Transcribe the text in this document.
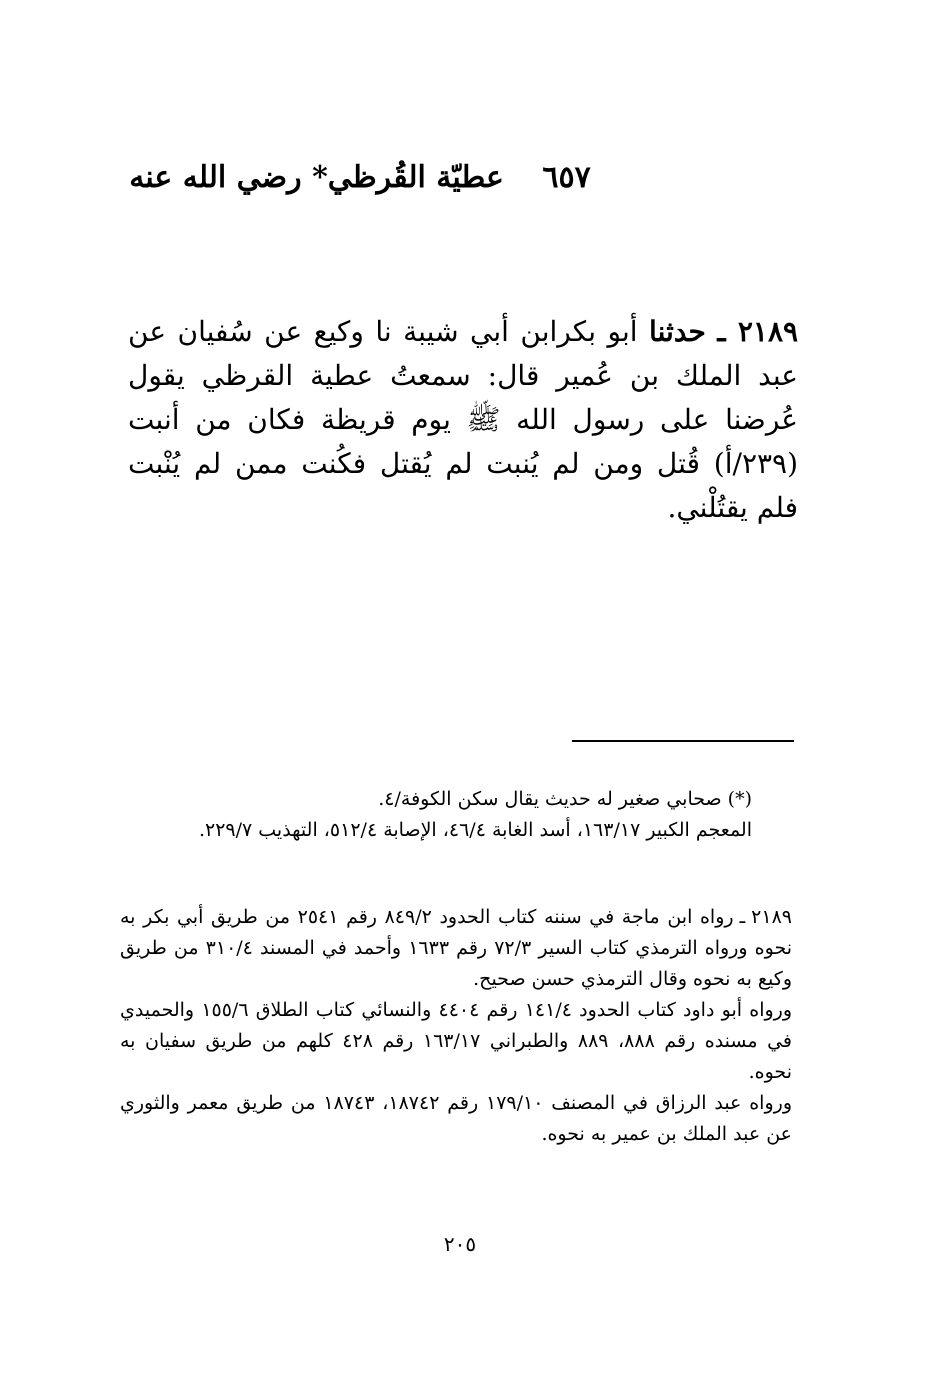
٦٥٧ عطيّة القُرظي* رضي الله عنه
٢١٨٩ ـ حدثنا أبو بكرابن أبي شيبة نا وكيع عن سُفيان عن عبد الملك بن عُمير قال: سمعتُ عطية القرظي يقول عُرضنا على رسول الله ﷺ يوم قريظة فكان من أنبت (٢٣٩/أ) قُتل ومن لم يُنبت لم يُقتل فكُنت ممن لم يُنْبت فلم يقتُلْني.
(*) صحابي صغير له حديث يقال سكن الكوفة/٤.
المعجم الكبير ١٦٣/١٧، أسد الغابة ٤٦/٤، الإصابة ٥١٢/٤، التهذيب ٢٢٩/٧.
٢١٨٩ ـ
رواه ابن ماجة في سننه كتاب الحدود ٨٤٩/٢ رقم ٢٥٤١ من طريق أبي بكر به نحوه ورواه الترمذي كتاب السير ٧٢/٣ رقم ١٦٣٣ وأحمد في المسند ٣١٠/٤ من طريق وكيع به نحوه وقال الترمذي حسن صحيح.
ورواه أبو داود كتاب الحدود ١٤١/٤ رقم ٤٤٠٤ والنسائي كتاب الطلاق ١٥٥/٦ والحميدي في مسنده رقم ٨٨٨، ٨٨٩ والطبراني ١٦٣/١٧ رقم ٤٢٨ كلهم من طريق سفيان به نحوه.
ورواه عبد الرزاق في المصنف ١٧٩/١٠ رقم ١٨٧٤٢، ١٨٧٤٣ من طريق معمر والثوري عن عبد الملك بن عمير به نحوه.
٢٠٥
